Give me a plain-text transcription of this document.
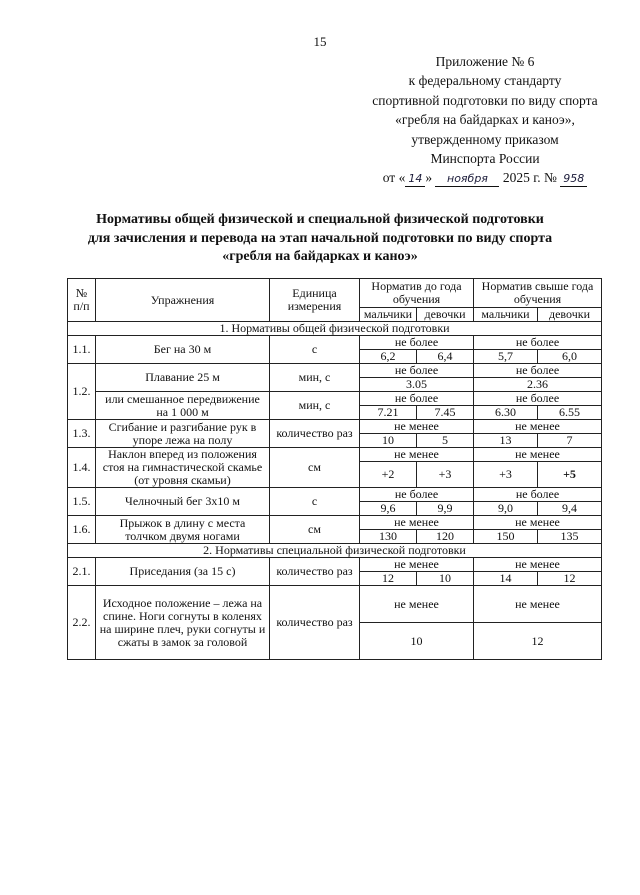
15
Приложение № 6
к федеральному стандарту
спортивной подготовки по виду спорта
«гребля на байдарках и каноэ»,
утвержденному приказом
Минспорта России
от « 14 » ноября 2025 г. № 958
Нормативы общей физической и специальной физической подготовки
для зачисления и перевода на этап начальной подготовки по виду спорта
«гребля на байдарках и каноэ»
№ п/п	Упражнения	Единица измерения	Норматив до года обучения		Норматив свыше года обучения	
			мальчики	девочки	мальчики	девочки
1. Нормативы общей физической подготовки						
1.1.	Бег на 30 м	с	не более		не более	
			6,2	6,4	5,7	6,0
1.2.	Плавание 25 м	мин, с	не более		не более	
			3.05		2.36	
	или смешанное передвижение на 1 000 м	мин, с	не более		не более	
			7.21	7.45	6.30	6.55
1.3.	Сгибание и разгибание рук в упоре лежа на полу	количество раз	не менее		не менее	
			10	5	13	7
1.4.	Наклон вперед из положения стоя на гимнастической скамье (от уровня скамьи)	см	не менее		не менее	
			+2	+3	+3	+5
1.5.	Челночный бег 3х10 м	с	не более		не более	
			9,6	9,9	9,0	9,4
1.6.	Прыжок в длину с места толчком двумя ногами	см	не менее		не менее	
			130	120	150	135
2. Нормативы специальной физической подготовки						
2.1.	Приседания (за 15 с)	количество раз	не менее		не менее	
			12	10	14	12
2.2.	Исходное положение – лежа на спине. Ноги согнуты в коленях на ширине плеч, руки согнуты и сжаты в замок за головой	количество раз	не менее		не менее	
			10		12	
